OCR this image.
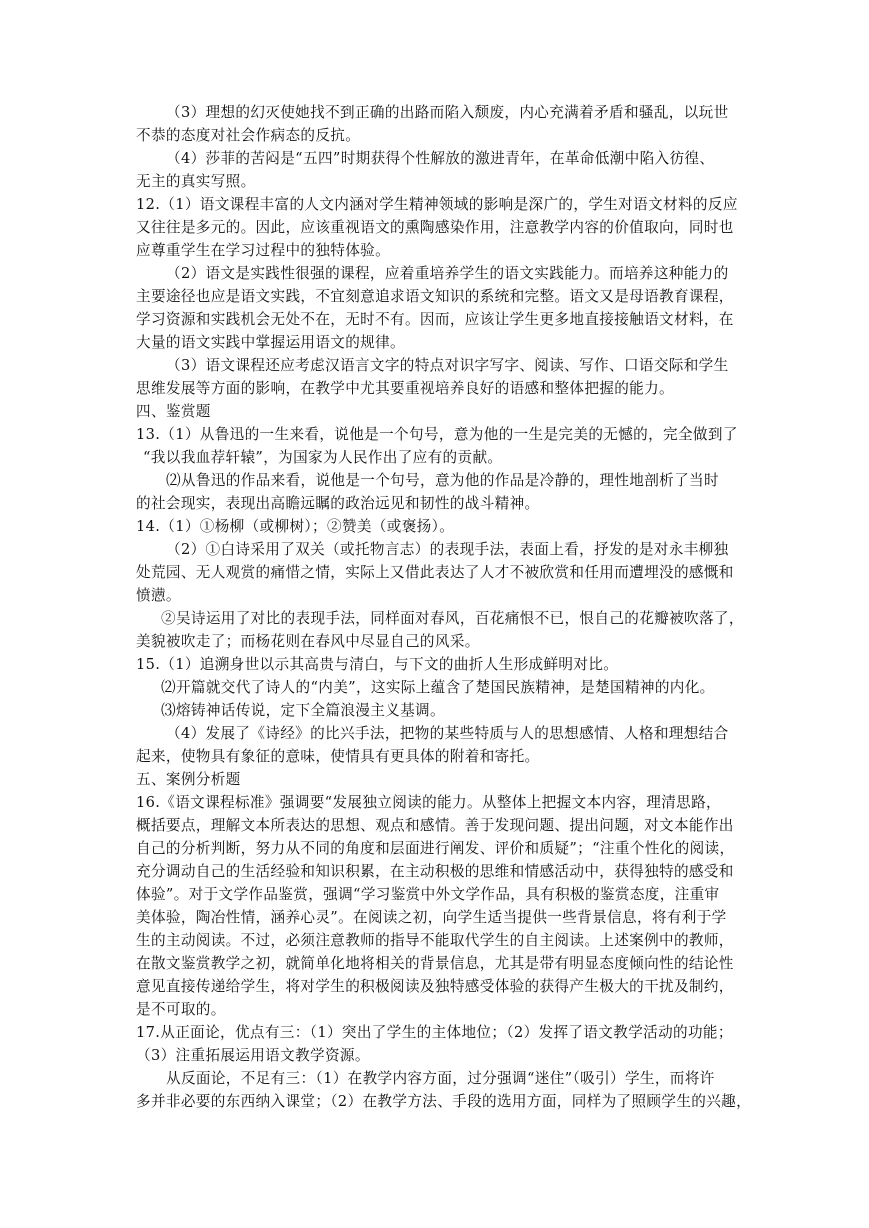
（3）理想的幻灭使她找不到正确的出路而陷入颓废，内心充满着矛盾和骚乱，以玩世
不恭的态度对社会作病态的反抗。
（4）莎菲的苦闷是“五四”时期获得个性解放的激进青年，在革命低潮中陷入彷徨、
无主的真实写照。
12.（1）语文课程丰富的人文内涵对学生精神领域的影响是深广的，学生对语文材料的反应
又往往是多元的。因此，应该重视语文的熏陶感染作用，注意教学内容的价值取向，同时也
应尊重学生在学习过程中的独特体验。
（2）语文是实践性很强的课程，应着重培养学生的语文实践能力。而培养这种能力的
主要途径也应是语文实践，不宜刻意追求语文知识的系统和完整。语文又是母语教育课程，
学习资源和实践机会无处不在，无时不有。因而，应该让学生更多地直接接触语文材料，在
大量的语文实践中掌握运用语文的规律。
（3）语文课程还应考虑汉语言文字的特点对识字写字、阅读、写作、口语交际和学生
思维发展等方面的影响，在教学中尤其要重视培养良好的语感和整体把握的能力。
四、鉴赏题
13.（1）从鲁迅的一生来看，说他是一个句号，意为他的一生是完美的无憾的，完全做到了
“我以我血荐轩辕”，为国家为人民作出了应有的贡献。
⑵从鲁迅的作品来看，说他是一个句号，意为他的作品是冷静的，理性地剖析了当时
的社会现实，表现出高瞻远瞩的政治远见和韧性的战斗精神。
14.（1）①杨柳（或柳树）；②赞美（或褒扬）。
（2）①白诗采用了双关（或托物言志）的表现手法，表面上看，抒发的是对永丰柳独
处荒园、无人观赏的痛惜之情，实际上又借此表达了人才不被欣赏和任用而遭埋没的感慨和
愤懑。
②吴诗运用了对比的表现手法，同样面对春风，百花痛恨不已，恨自己的花瓣被吹落了，
美貌被吹走了；而杨花则在春风中尽显自己的风采。
15.（1）追溯身世以示其高贵与清白，与下文的曲折人生形成鲜明对比。
⑵开篇就交代了诗人的“内美”，这实际上蕴含了楚国民族精神，是楚国精神的内化。
⑶熔铸神话传说，定下全篇浪漫主义基调。
（4）发展了《诗经》的比兴手法，把物的某些特质与人的思想感情、人格和理想结合
起来，使物具有象征的意味，使情具有更具体的附着和寄托。
五、案例分析题
16.《语文课程标准》强调要“发展独立阅读的能力。从整体上把握文本内容，理清思路，
概括要点，理解文本所表达的思想、观点和感情。善于发现问题、提出问题，对文本能作出
自己的分析判断，努力从不同的角度和层面进行阐发、评价和质疑”；“注重个性化的阅读，
充分调动自己的生活经验和知识积累，在主动积极的思维和情感活动中，获得独特的感受和
体验”。对于文学作品鉴赏，强调“学习鉴赏中外文学作品，具有积极的鉴赏态度，注重审
美体验，陶冶性情，涵养心灵”。在阅读之初，向学生适当提供一些背景信息，将有利于学
生的主动阅读。不过，必须注意教师的指导不能取代学生的自主阅读。上述案例中的教师，
在散文鉴赏教学之初，就简单化地将相关的背景信息，尤其是带有明显态度倾向性的结论性
意见直接传递给学生，将对学生的积极阅读及独特感受体验的获得产生极大的干扰及制约，
是不可取的。
17.从正面论，优点有三：（1）突出了学生的主体地位；（2）发挥了语文教学活动的功能；
（3）注重拓展运用语文教学资源。
从反面论，不足有三：（1）在教学内容方面，过分强调“迷住”（吸引）学生，而将许
多并非必要的东西纳入课堂；（2）在教学方法、手段的选用方面，同样为了照顾学生的兴趣，
